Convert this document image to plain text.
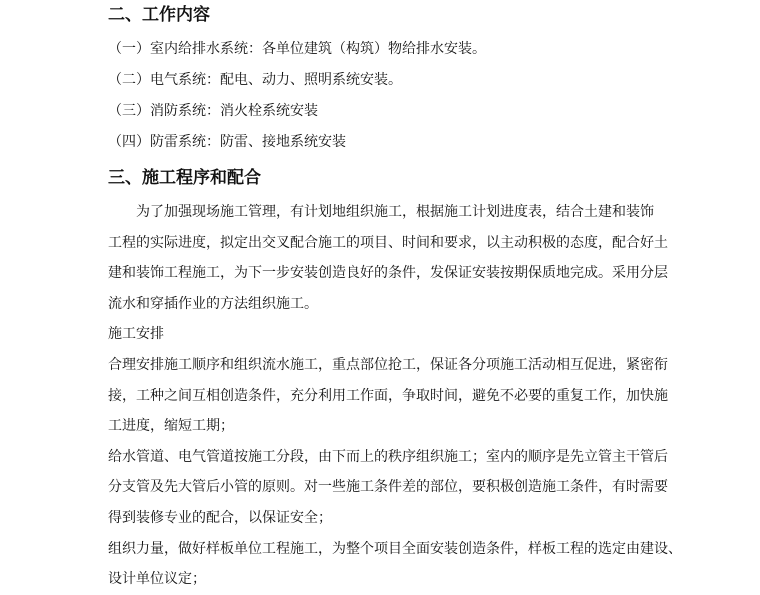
二、工作内容
（一）室内给排水系统：各单位建筑（构筑）物给排水安装。
（二）电气系统：配电、动力、照明系统安装。
（三）消防系统：消火栓系统安装
（四）防雷系统：防雷、接地系统安装
三、施工程序和配合
为了加强现场施工管理，有计划地组织施工，根据施工计划进度表，结合土建和装饰
工程的实际进度，拟定出交叉配合施工的项目、时间和要求，以主动积极的态度，配合好土
建和装饰工程施工，为下一步安装创造良好的条件，发保证安装按期保质地完成。采用分层
流水和穿插作业的方法组织施工。
施工安排
合理安排施工顺序和组织流水施工，重点部位抢工，保证各分项施工活动相互促进，紧密衔
接，工种之间互相创造条件，充分利用工作面，争取时间，避免不必要的重复工作，加快施
工进度，缩短工期；
给水管道、电气管道按施工分段，由下而上的秩序组织施工；室内的顺序是先立管主干管后
分支管及先大管后小管的原则。对一些施工条件差的部位，要积极创造施工条件，有时需要
得到装修专业的配合，以保证安全；
组织力量，做好样板单位工程施工，为整个项目全面安装创造条件，样板工程的选定由建设、
设计单位议定；
